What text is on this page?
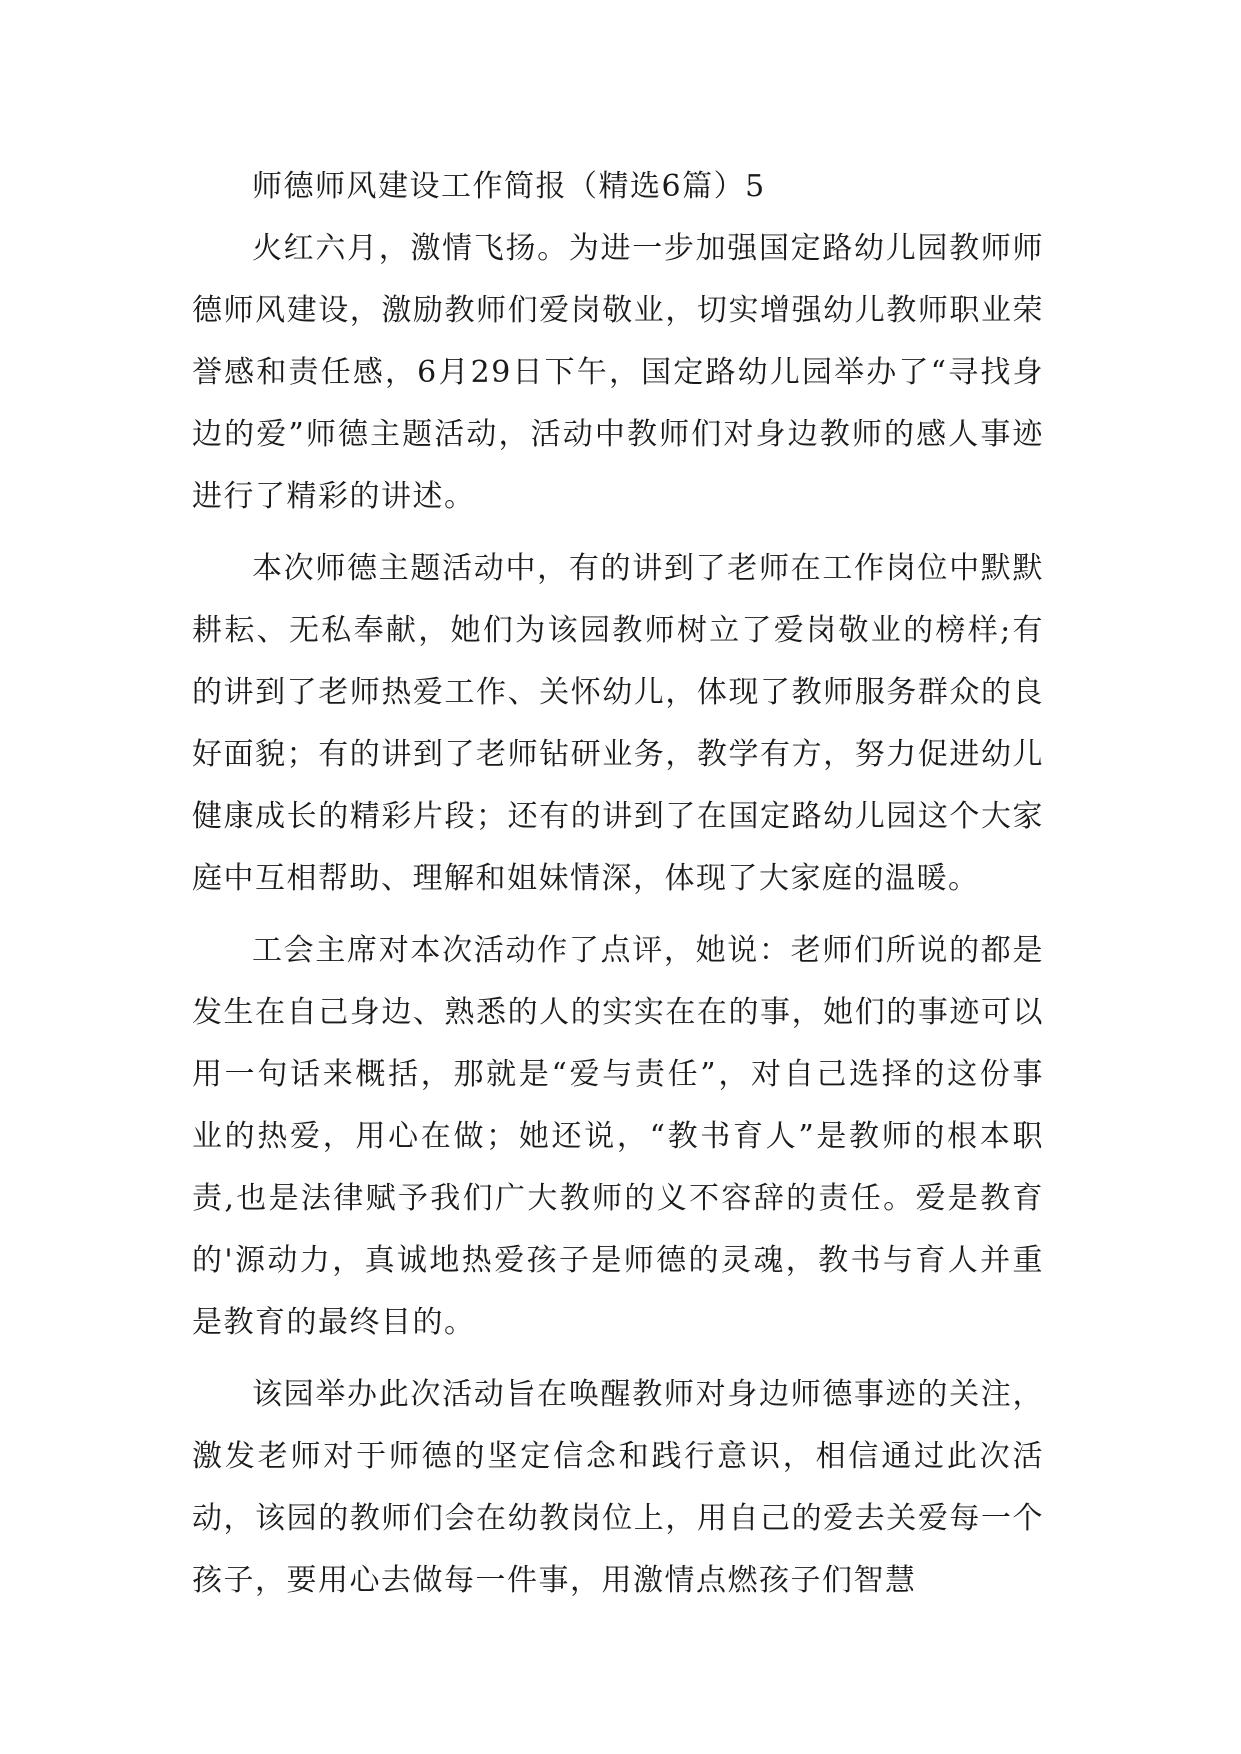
师德师风建设工作简报（精选6篇）5

火红六月，激情飞扬。为进一步加强国定路幼儿园教师师德师风建设，激励教师们爱岗敬业，切实增强幼儿教师职业荣誉感和责任感，6月29日下午，国定路幼儿园举办了“寻找身边的爱”师德主题活动，活动中教师们对身边教师的感人事迹进行了精彩的讲述。

本次师德主题活动中，有的讲到了老师在工作岗位中默默耕耘、无私奉献，她们为该园教师树立了爱岗敬业的榜样;有的讲到了老师热爱工作、关怀幼儿，体现了教师服务群众的良好面貌；有的讲到了老师钻研业务，教学有方，努力促进幼儿健康成长的精彩片段；还有的讲到了在国定路幼儿园这个大家庭中互相帮助、理解和姐妹情深，体现了大家庭的温暖。

工会主席对本次活动作了点评，她说：老师们所说的都是发生在自己身边、熟悉的人的实实在在的事，她们的事迹可以用一句话来概括，那就是“爱与责任”，对自己选择的这份事业的热爱，用心在做；她还说，“教书育人”是教师的根本职责,也是法律赋予我们广大教师的义不容辞的责任。爱是教育的'源动力，真诚地热爱孩子是师德的灵魂，教书与育人并重是教育的最终目的。

该园举办此次活动旨在唤醒教师对身边师德事迹的关注，激发老师对于师德的坚定信念和践行意识，相信通过此次活动，该园的教师们会在幼教岗位上，用自己的爱去关爱每一个孩子，要用心去做每一件事，用激情点燃孩子们智慧
